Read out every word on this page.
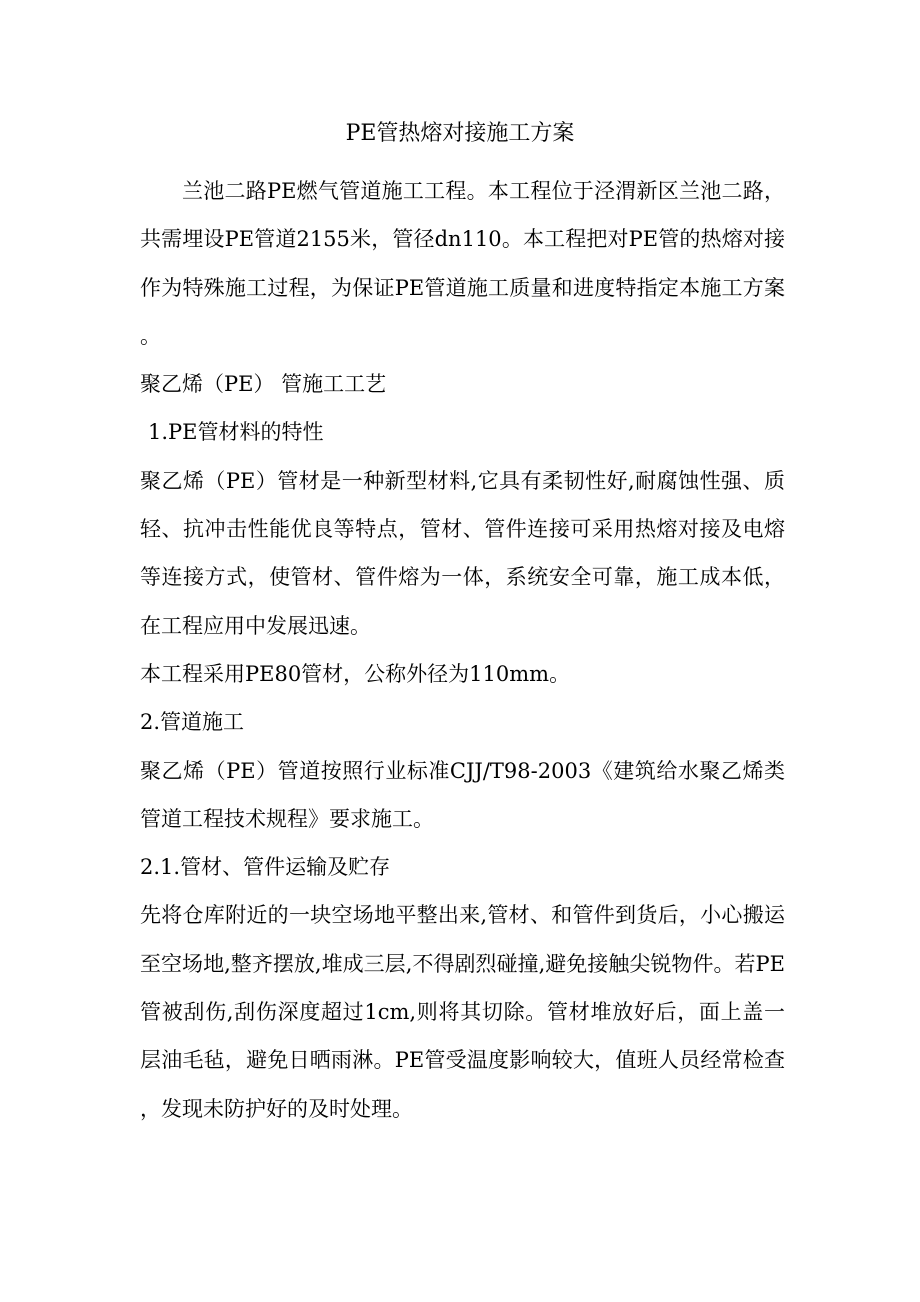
PE管热熔对接施工方案

兰池二路PE燃气管道施工工程。本工程位于泾渭新区兰池二路，共需埋设PE管道2155米，管径dn110。本工程把对PE管的热熔对接作为特殊施工过程，为保证PE管道施工质量和进度特指定本施工方案。

聚乙烯（PE） 管施工工艺

1.PE管材料的特性

聚乙烯（PE）管材是一种新型材料,它具有柔韧性好,耐腐蚀性强、质轻、抗冲击性能优良等特点，管材、管件连接可采用热熔对接及电熔等连接方式，使管材、管件熔为一体，系统安全可靠，施工成本低，在工程应用中发展迅速。

本工程采用PE80管材，公称外径为110mm。

2.管道施工

聚乙烯（PE）管道按照行业标准CJJ/T98-2003《建筑给水聚乙烯类管道工程技术规程》要求施工。

2.1.管材、管件运输及贮存

先将仓库附近的一块空场地平整出来,管材、和管件到货后，小心搬运至空场地,整齐摆放,堆成三层,不得剧烈碰撞,避免接触尖锐物件。若PE管被刮伤,刮伤深度超过1cm,则将其切除。管材堆放好后，面上盖一层油毛毡，避免日晒雨淋。PE管受温度影响较大，值班人员经常检查，发现未防护好的及时处理。
